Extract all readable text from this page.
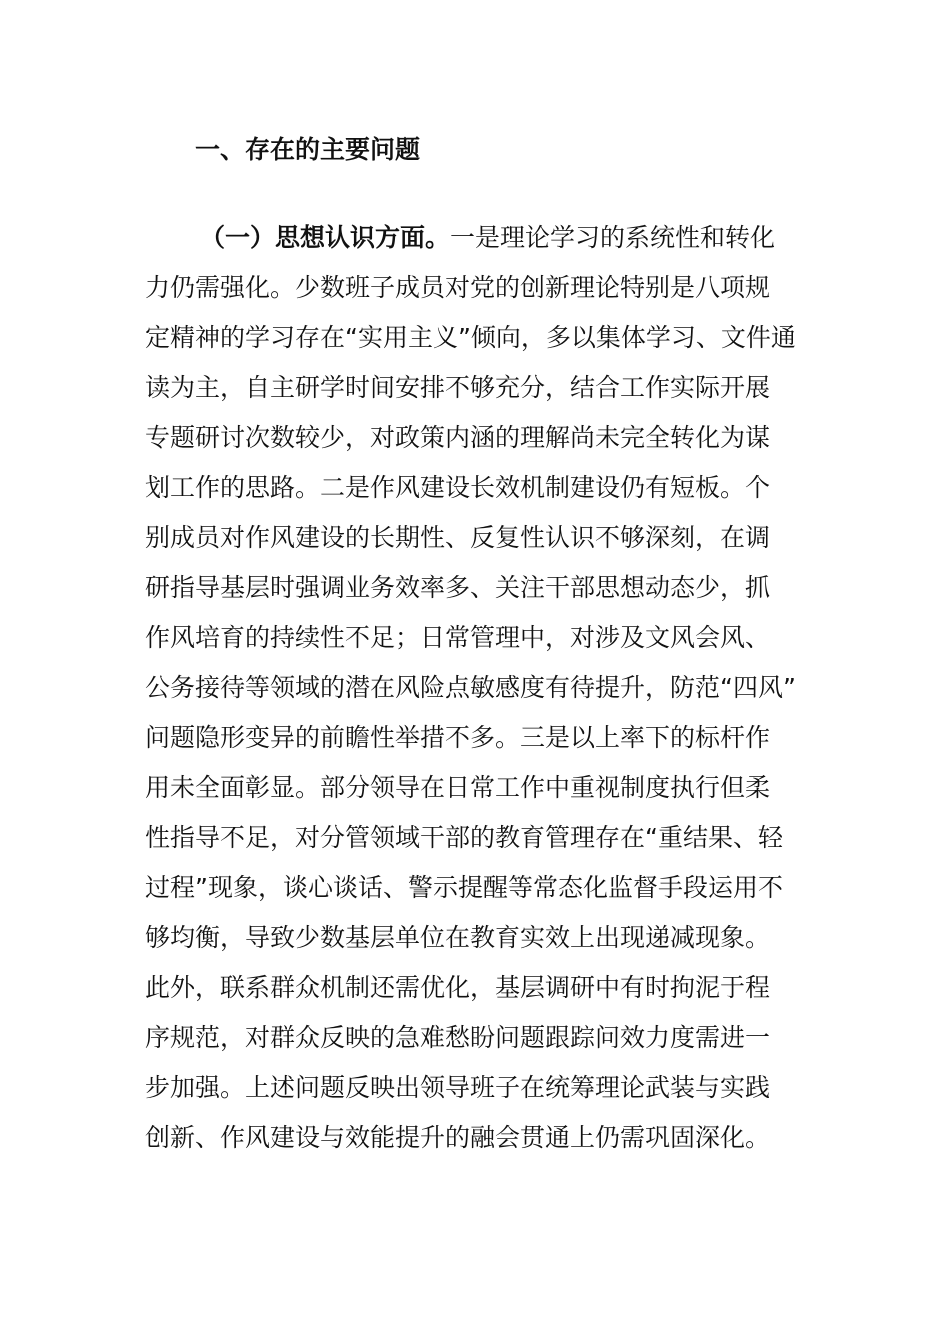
一、存在的主要问题
（一）思想认识方面。一是理论学习的系统性和转化
力仍需强化。少数班子成员对党的创新理论特别是八项规
定精神的学习存在“实用主义”倾向，多以集体学习、文件通
读为主，自主研学时间安排不够充分，结合工作实际开展
专题研讨次数较少，对政策内涵的理解尚未完全转化为谋
划工作的思路。二是作风建设长效机制建设仍有短板。个
别成员对作风建设的长期性、反复性认识不够深刻，在调
研指导基层时强调业务效率多、关注干部思想动态少，抓
作风培育的持续性不足；日常管理中，对涉及文风会风、
公务接待等领域的潜在风险点敏感度有待提升，防范“四风”
问题隐形变异的前瞻性举措不多。三是以上率下的标杆作
用未全面彰显。部分领导在日常工作中重视制度执行但柔
性指导不足，对分管领域干部的教育管理存在“重结果、轻
过程”现象，谈心谈话、警示提醒等常态化监督手段运用不
够均衡，导致少数基层单位在教育实效上出现递减现象。
此外，联系群众机制还需优化，基层调研中有时拘泥于程
序规范，对群众反映的急难愁盼问题跟踪问效力度需进一
步加强。上述问题反映出领导班子在统筹理论武装与实践
创新、作风建设与效能提升的融会贯通上仍需巩固深化。
